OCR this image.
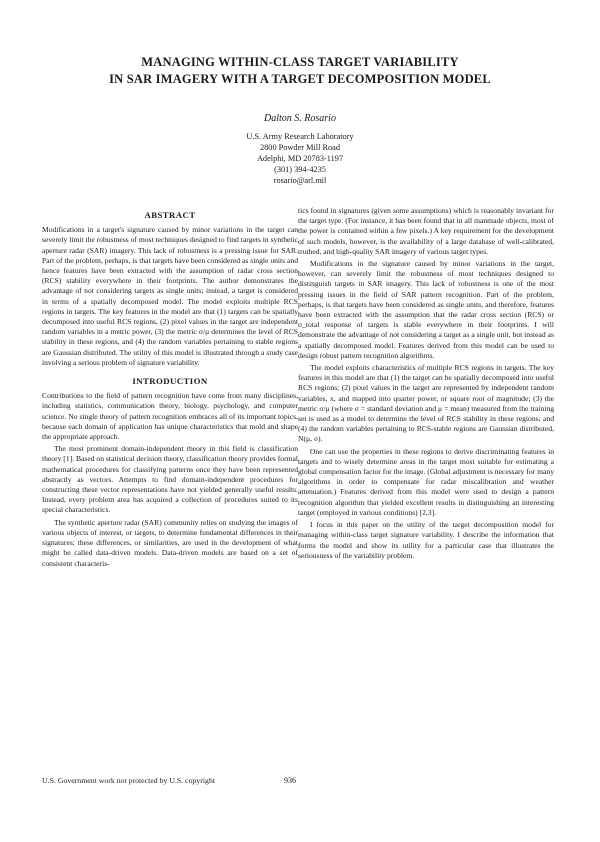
MANAGING WITHIN-CLASS TARGET VARIABILITY
IN SAR IMAGERY WITH A TARGET DECOMPOSITION MODEL
Dalton S. Rosario
U.S. Army Research Laboratory
2800 Powder Mill Road
Adelphi, MD 20783-1197
(301) 394-4235
rosario@arl.mil
ABSTRACT

Modifications in a target's signature caused by minor variations in the target can severely limit the robustness of most techniques designed to find targets in synthetic aperture radar (SAR) imagery. This lack of robustness is a pressing issue for SAR. Part of the problem, perhaps, is that targets have been considered as single units and hence features have been extracted with the assumption of radar cross section (RCS) stability everywhere in their footprints. The author demonstrates the advantage of not considering targets as single units; instead, a target is considered in terms of a spatially decomposed model. The model exploits multiple RCS regions in targets. The key features in the model are that (1) targets can be spatially decomposed into useful RCS regions, (2) pixel values in the target are independent random variables in a metric power, (3) the metric σ/μ determines the level of RCS stability in these regions, and (4) the random variables pertaining to stable regions are Gaussian distributed. The utility of this model is illustrated through a study case involving a serious problem of signature variability.

INTRODUCTION

Contributions to the field of pattern recognition have come from many disciplines, including statistics, communication theory, biology, psychology, and computer science. No single theory of pattern recognition embraces all of its important topics, because each domain of application has unique characteristics that mold and shape the appropriate approach.

The most prominent domain-independent theory in this field is classification theory [1]. Based on statistical decision theory, classification theory provides formal mathematical procedures for classifying patterns once they have been represented abstractly as vectors. Attempts to find domain-independent procedures for constructing these vector representations have not yielded generally useful results. Instead, every problem area has acquired a collection of procedures suited to its special characteristics.

The synthetic aperture radar (SAR) community relies on studying the images of various objects of interest, or targets, to determine fundamental differences in their signatures; these differences, or similarities, are used in the development of what might be called data-driven models. Data-driven models are based on a set of consistent characteris-

tics found in signatures (given some assumptions) which is reasonably invariant for the target type. (For instance, it has been found that in all manmade objects, most of the power is contained within a few pixels.) A key requirement for the development of such models, however, is the availability of a large database of well-calibrated, truthed, and high-quality SAR imagery of various target types.

Modifications in the signature caused by minor variations in the target, however, can severely limit the robustness of most techniques designed to distinguish targets in SAR imagery. This lack of robustness is one of the most pressing issues in the field of SAR pattern recognition. Part of the problem, perhaps, is that targets have been considered as single units, and therefore, features have been extracted with the assumption that the radar cross section (RCS) or σ_total response of targets is stable everywhere in their footprints. I will demonstrate the advantage of not considering a target as a single unit, but instead as a spatially decomposed model. Features derived from this model can be used to design robust pattern recognition algorithms.

The model exploits characteristics of multiple RCS regions in targets. The key features in this model are that (1) the target can be spatially decomposed into useful RCS regions; (2) pixel values in the target are represented by independent random variables, x, and mapped into quarter power, or square root of magnitude; (3) the metric σ/μ (where σ = standard deviation and μ = mean) measured from the training set is used as a model to determine the level of RCS stability in these regions; and (4) the random variables pertaining to RCS-stable regions are Gaussian distributed, N(μ, σ).

One can use the properties in these regions to derive discriminating features in targets and to wisely determine areas in the target most suitable for estimating a global compensation factor for the image. (Global adjustment is necessary for many algorithms in order to compensate for radar miscalibration and weather attenuation.) Features derived from this model were used to design a pattern recognition algorithm that yielded excellent results in distinguishing an interesting target (employed in various conditions) [2,3].

I focus in this paper on the utility of the target decomposition model for managing within-class target signature variability. I describe the information that forms the model and show its utility for a particular case that illustrates the seriousness of the variability problem.

U.S. Government work not protected by U.S. copyright	936
